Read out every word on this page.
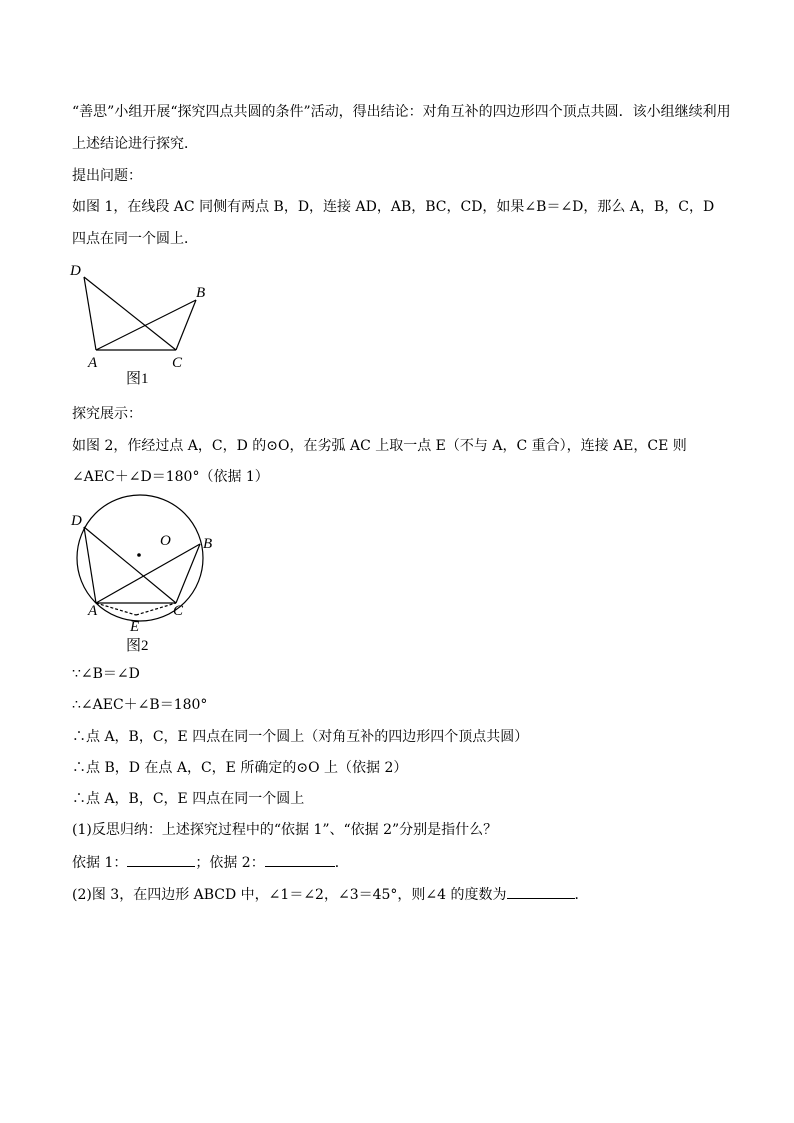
“善思”小组开展“探究四点共圆的条件”活动，得出结论：对角互补的四边形四个顶点共圆．该小组继续利用
上述结论进行探究．
提出问题：
如图 1，在线段 AC 同侧有两点 B，D，连接 AD，AB，BC，CD，如果∠B＝∠D，那么 A，B，C，D
四点在同一个圆上．
D
B
A	C
图1
探究展示：
如图 2，作经过点 A，C，D 的⊙O，在劣弧 AC 上取一点 E（不与 A，C 重合），连接 AE，CE 则
∠AEC＋∠D＝180°（依据 1）
D
O B
A	C
E
图2
∵∠B＝∠D
∴∠AEC＋∠B＝180°
∴点 A，B，C，E 四点在同一个圆上（对角互补的四边形四个顶点共圆）
∴点 B，D 在点 A，C，E 所确定的⊙O 上（依据 2）
∴点 A，B，C，E 四点在同一个圆上
(1)反思归纳：上述探究过程中的“依据 1”、“依据 2”分别是指什么？
依据 1：	；依据 2：	．
(2)图 3，在四边形 ABCD 中，∠1＝∠2，∠3＝45°，则∠4 的度数为	．
